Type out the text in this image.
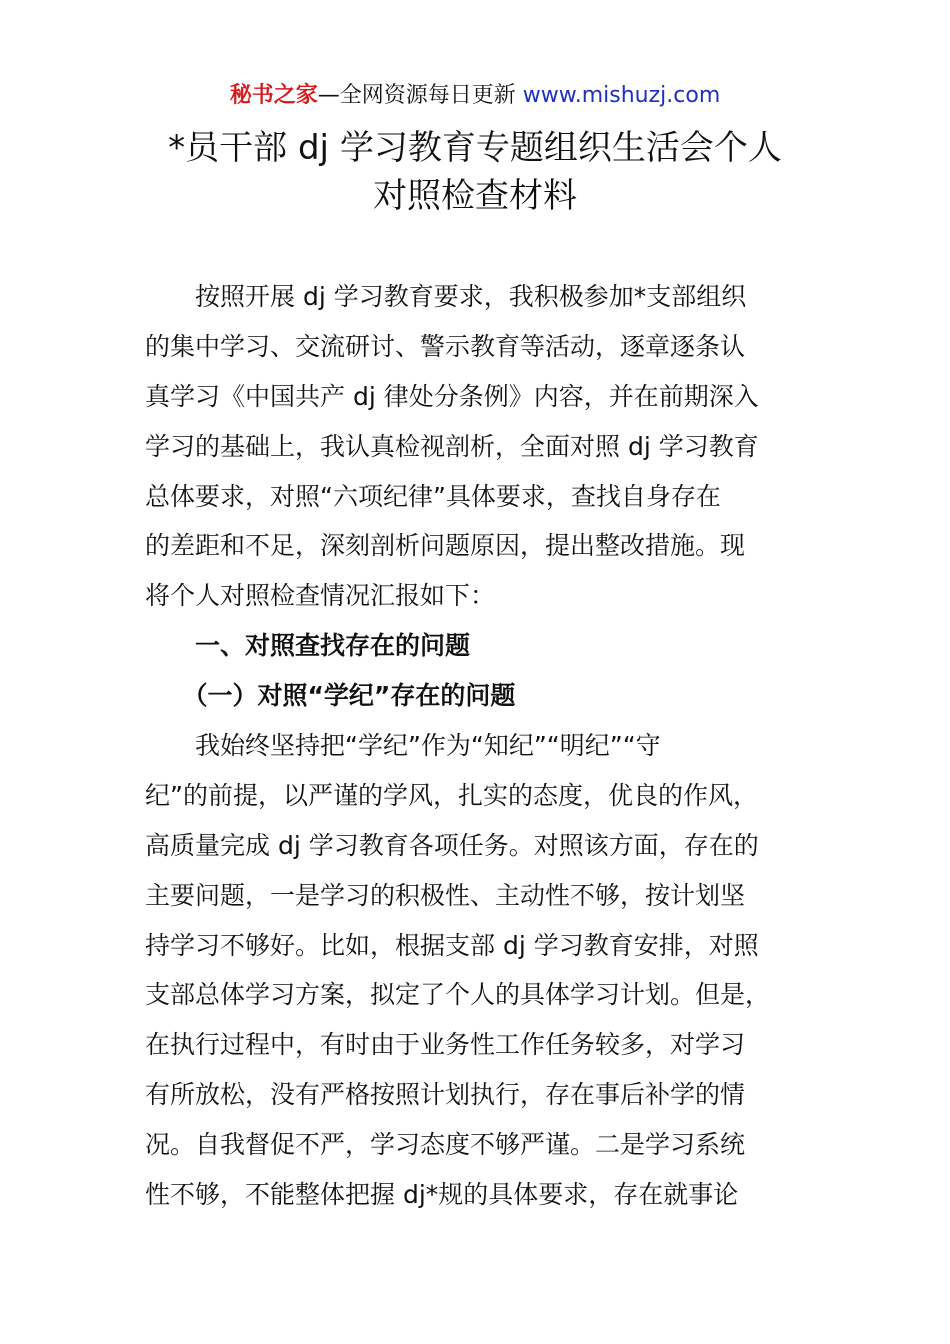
秘书之家—全网资源每日更新 www.mishuzj.com
*员干部 dj 学习教育专题组织生活会个人
对照检查材料
　　按照开展 dj 学习教育要求，我积极参加*支部组织
的集中学习、交流研讨、警示教育等活动，逐章逐条认
真学习《中国共产 dj 律处分条例》内容，并在前期深入
学习的基础上，我认真检视剖析，全面对照 dj 学习教育
总体要求，对照“六项纪律”具体要求，查找自身存在
的差距和不足，深刻剖析问题原因，提出整改措施。现
将个人对照检查情况汇报如下：
　　一、对照查找存在的问题
　　（一）对照“学纪”存在的问题
　　我始终坚持把“学纪”作为“知纪”“明纪”“守
纪”的前提，以严谨的学风，扎实的态度，优良的作风，
高质量完成 dj 学习教育各项任务。对照该方面，存在的
主要问题，一是学习的积极性、主动性不够，按计划坚
持学习不够好。比如，根据支部 dj 学习教育安排，对照
支部总体学习方案，拟定了个人的具体学习计划。但是，
在执行过程中，有时由于业务性工作任务较多，对学习
有所放松，没有严格按照计划执行，存在事后补学的情
况。自我督促不严，学习态度不够严谨。二是学习系统
性不够，不能整体把握 dj*规的具体要求，存在就事论
